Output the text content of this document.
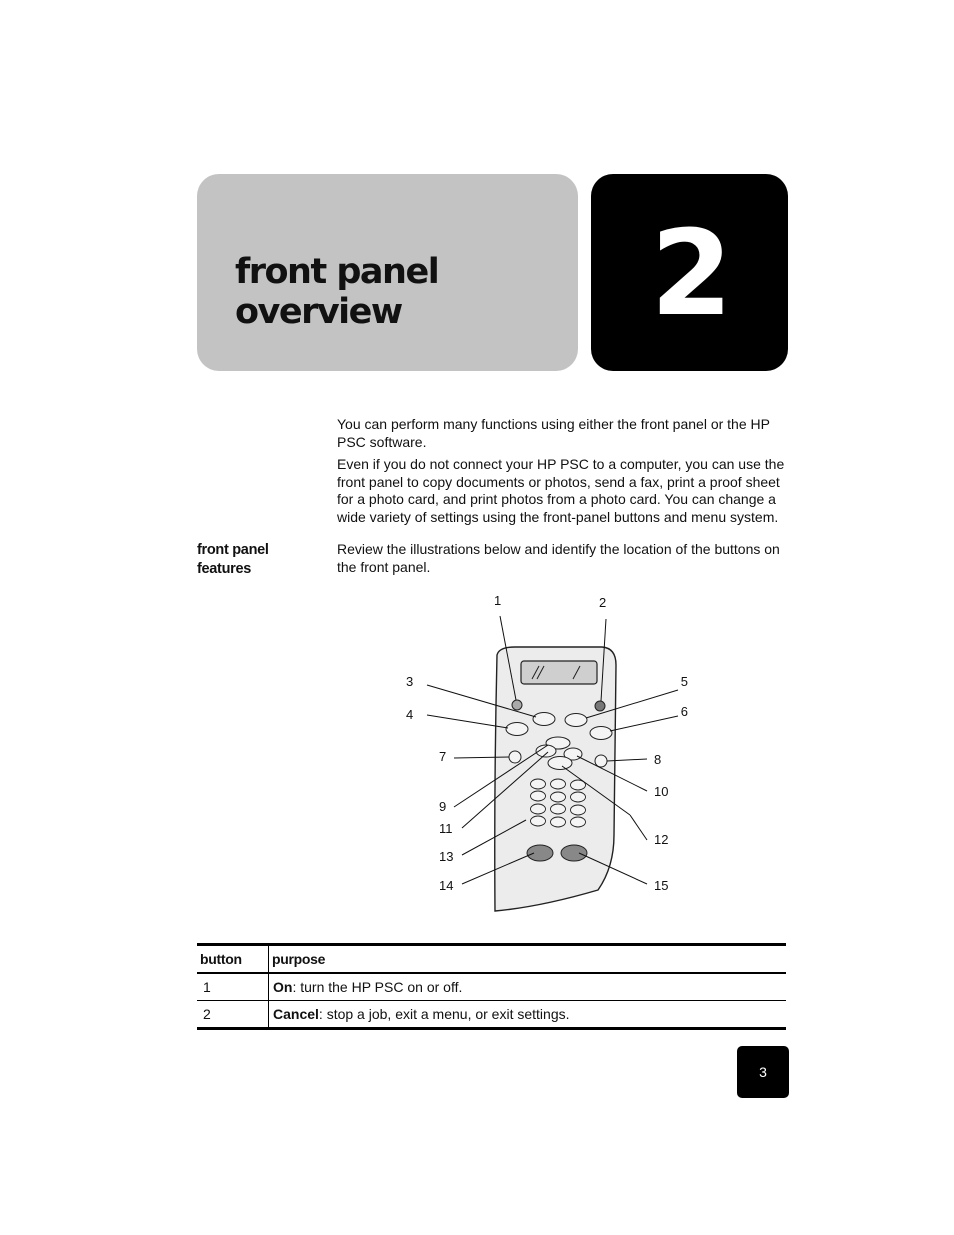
front panel overview	2
You can perform many functions using either the front panel or the HP PSC software.
Even if you do not connect your HP PSC to a computer, you can use the front panel to copy documents or photos, send a fax, print a proof sheet for a photo card, and print photos from a photo card. You can change a wide variety of settings using the front-panel buttons and menu system.
front panel features
Review the illustrations below and identify the location of the buttons on the front panel.
1	2
3
4
5
6
7	8
9
10
11
12
13
14	15
button	purpose
1	On: turn the HP PSC on or off.
2	Cancel: stop a job, exit a menu, or exit settings.
3
